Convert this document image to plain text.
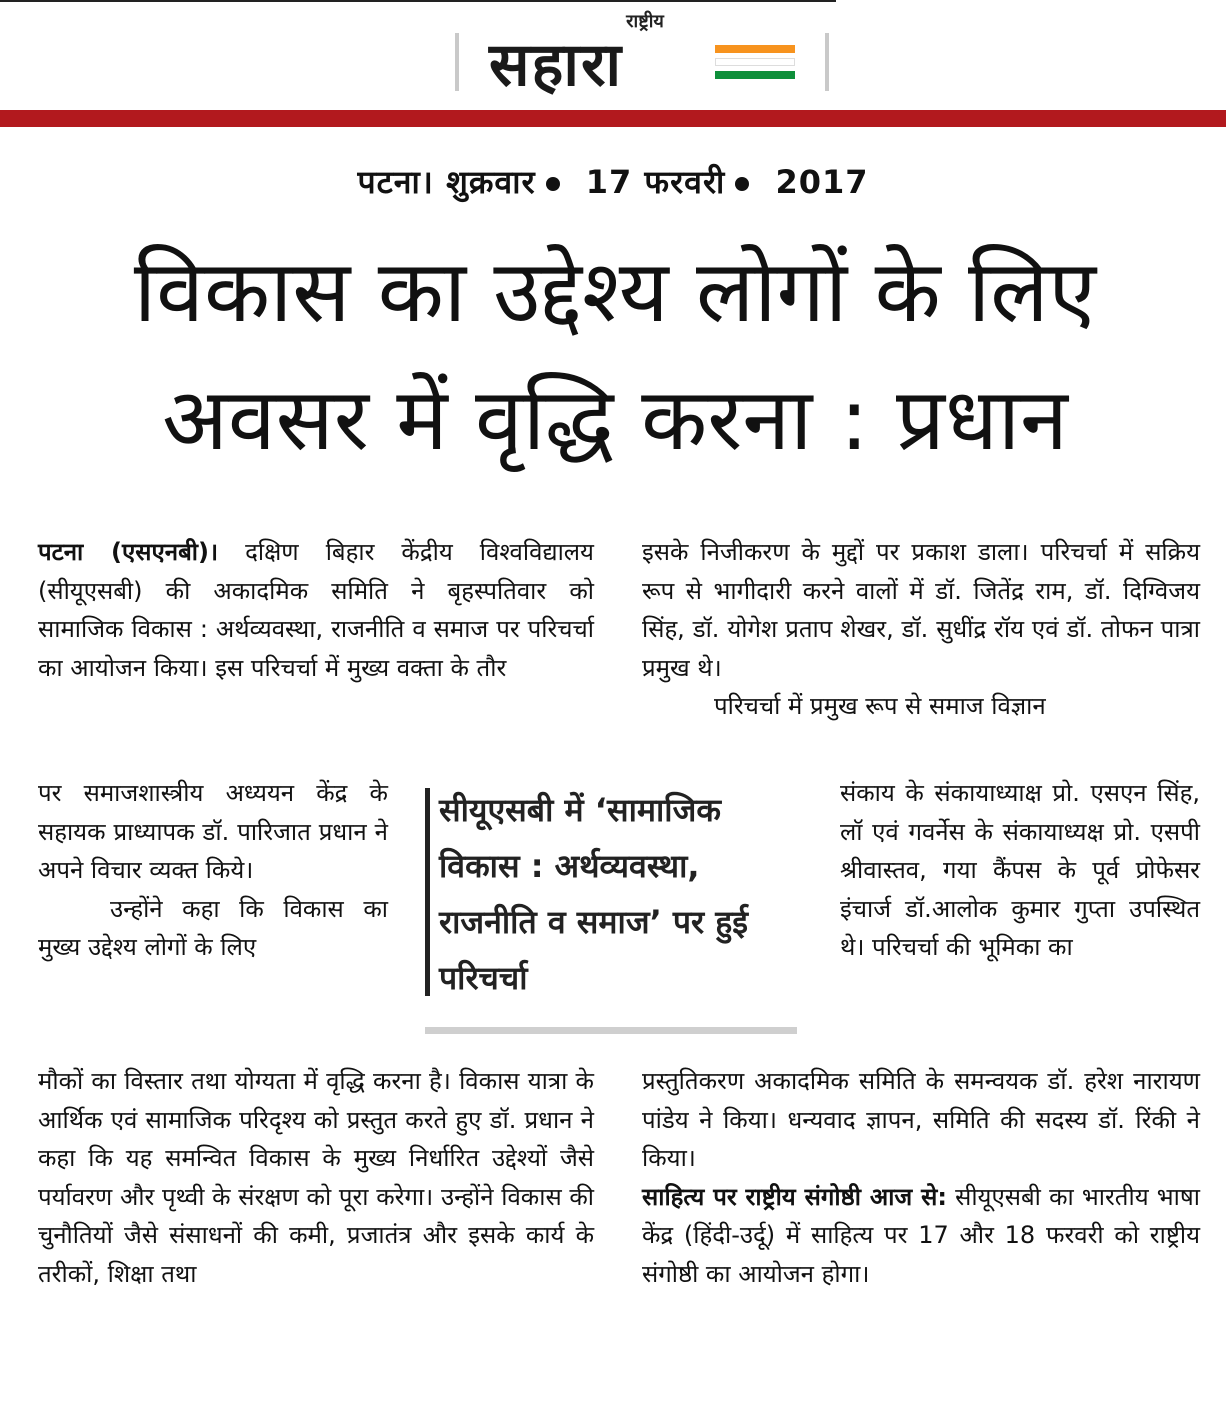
राष्ट्रीय
सहारा
पटना। शुक्रवार 17 फरवरी 2017
विकास का उद्देश्य लोगों के लिए अवसर में वृद्धि करना : प्रधान

पटना (एसएनबी)। दक्षिण बिहार केंद्रीय विश्वविद्यालय (सीयूएसबी) की अकादमिक समिति ने बृहस्पतिवार को सामाजिक विकास : अर्थव्यवस्था, राजनीति व समाज पर परिचर्चा का आयोजन किया। इस परिचर्चा में मुख्य वक्ता के तौर

पर समाजशास्त्रीय अध्ययन केंद्र के सहायक प्राध्यापक डॉ. पारिजात प्रधान ने अपने विचार व्यक्त किये।

उन्होंने कहा कि विकास का मुख्य उद्देश्य लोगों के लिए

सीयूएसबी में ‘सामाजिक विकास : अर्थव्यवस्था, राजनीति व समाज’ पर हुई परिचर्चा

मौकों का विस्तार तथा योग्यता में वृद्धि करना है। विकास यात्रा के आर्थिक एवं सामाजिक परिदृश्य को प्रस्तुत करते हुए डॉ. प्रधान ने कहा कि यह समन्वित विकास के मुख्य निर्धारित उद्देश्यों जैसे पर्यावरण और पृथ्वी के संरक्षण को पूरा करेगा। उन्होंने विकास की चुनौतियों जैसे संसाधनों की कमी, प्रजातंत्र और इसके कार्य के तरीकों, शिक्षा तथा

इसके निजीकरण के मुद्दों पर प्रकाश डाला। परिचर्चा में सक्रिय रूप से भागीदारी करने वालों में डॉ. जितेंद्र राम, डॉ. दिग्विजय सिंह, डॉ. योगेश प्रताप शेखर, डॉ. सुधींद्र रॉय एवं डॉ. तोफन पात्रा प्रमुख थे।

परिचर्चा में प्रमुख रूप से समाज विज्ञान

संकाय के संकायाध्याक्ष प्रो. एसएन सिंह, लॉ एवं गवर्नेस के संकायाध्यक्ष प्रो. एसपी श्रीवास्तव, गया कैंपस के पूर्व प्रोफेसर इंचार्ज डॉ.आलोक कुमार गुप्ता उपस्थित थे। परिचर्चा की भूमिका का

प्रस्तुतिकरण अकादमिक समिति के समन्वयक डॉ. हरेश नारायण पांडेय ने किया। धन्यवाद ज्ञापन, समिति की सदस्य डॉ. रिंकी ने किया।

साहित्य पर राष्ट्रीय संगोष्ठी आज से: सीयूएसबी का भारतीय भाषा केंद्र (हिंदी-उर्दू) में साहित्य पर 17 और 18 फरवरी को राष्ट्रीय संगोष्ठी का आयोजन होगा।
